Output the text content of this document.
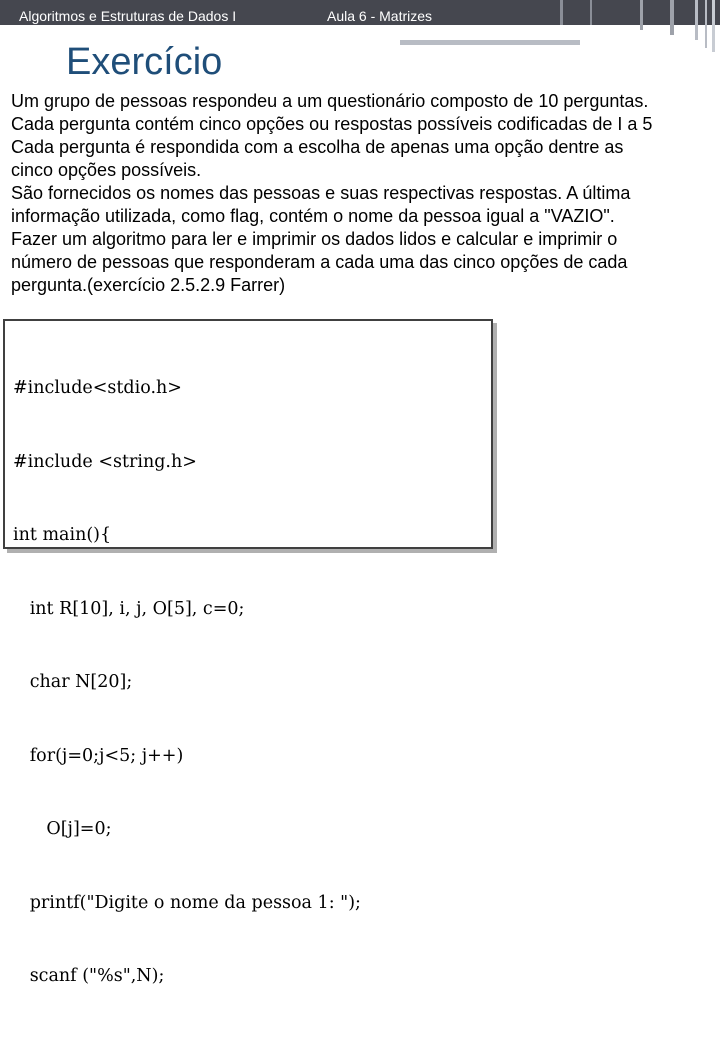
Algoritmos e Estruturas de Dados I	Aula 6 - Matrizes
Exercício
Um grupo de pessoas respondeu a um questionário composto de 10 perguntas.
Cada pergunta contém cinco opções ou respostas possíveis codificadas de I a 5
Cada pergunta é respondida com a escolha de apenas uma opção dentre as
cinco opções possíveis.
São fornecidos os nomes das pessoas e suas respectivas respostas. A última
informação utilizada, como flag, contém o nome da pessoa igual a "VAZIO".
Fazer um algoritmo para ler e imprimir os dados lidos e calcular e imprimir o
número de pessoas que responderam a cada uma das cinco opções de cada
pergunta.(exercício 2.5.2.9 Farrer)

#include<stdio.h>

#include <string.h>

int main(){

int R[10], i, j, O[5], c=0;

char N[20];

for(j=0;j<5; j++)

O[j]=0;

printf("Digite o nome da pessoa 1: ");

scanf ("%s",N);
